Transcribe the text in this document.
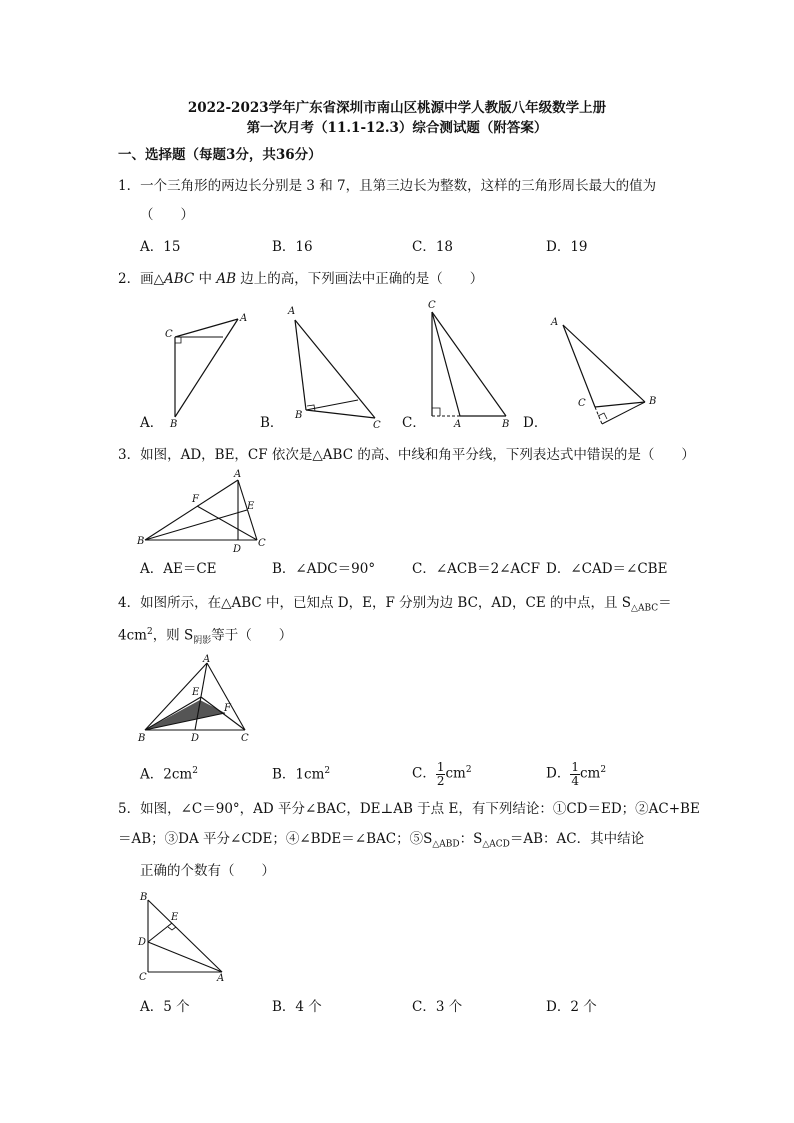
2022-2023学年广东省深圳市南山区桃源中学人教版八年级数学上册
第一次月考（11.1-12.3）综合测试题（附答案）
一、选择题（每题3分，共36分）
1．一个三角形的两边长分别是 3 和 7，且第三边长为整数，这样的三角形周长最大的值为
（　　）
A．15	B．16	C．18	D．19
2．画△ABC 中 AB 边上的高，下列画法中正确的是（　　）
C
A
B
A．
A
B
C
B．
C
A	B
C．
A
C	B
D．
3．如图，AD，BE，CF 依次是△ABC 的高、中线和角平分线，下列表达式中错误的是（　　）
A
F
E
B
D
C
A．AE＝CE	B．∠ADC＝90°	C．∠ACB＝2∠ACF D．∠CAD＝∠CBE
4．如图所示，在△ABC 中，已知点 D，E，F 分别为边 BC，AD，CE 的中点，且 $S_{\triangle ABC}=$
$4cm^2$，则 $S_{阴影}$等于（　　）
A
E
F
B	D	C
A．$2cm^2$	B．$1cm^2$	C． $\frac{1}{2} cm^2$	D． $\frac{1}{4} cm^2$
5．如图，∠C＝90°，AD 平分∠BAC，DE⊥AB 于点 E，有下列结论：①CD＝ED；②AC+BE
＝AB；③DA 平分∠CDE；④∠BDE＝∠BAC；$⑤S_{\triangle ABD}$：$S_{\triangle ACD}=AB$：AC．其中结论
正确的个数有（　　）
B
E
D
C	A
A．5 个	B．4 个	C．3 个	D．2 个
